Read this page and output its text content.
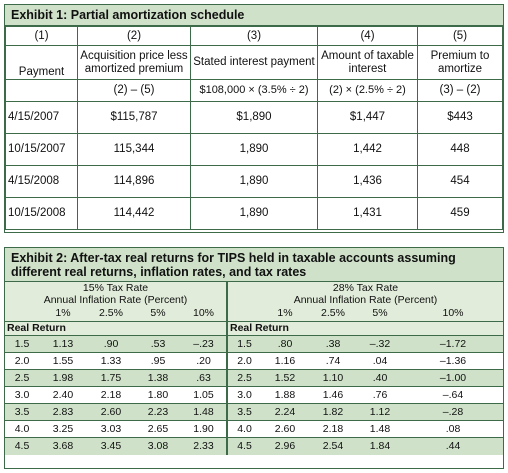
Exhibit 1: Partial amortization schedule
(1)	(2)	(3)	(4)	(5)
Payment	Acquisition price less amortized premium	Stated interest payment	Amount of taxable interest	Premium to amortize
	(2) – (5)	$108,000 × (3.5% ÷ 2)	(2) × (2.5% ÷ 2)	(3) – (2)
4/15/2007	$115,787	$1,890	$1,447	$443
10/15/2007	115,344	1,890	1,442	448
4/15/2008	114,896	1,890	1,436	454
10/15/2008	114,442	1,890	1,431	459
Exhibit 2: After-tax real returns for TIPS held in taxable accounts assuming different real returns, inflation rates, and tax rates
15% Tax Rate					28% Tax Rate				
Annual Inflation Rate (Percent)					Annual Inflation Rate (Percent)				
	1%	2.5%	5%	10%		1%	2.5%	5%	10%
Real Return					Real Return				
1.5	1.13	.90	.53	–.23	1.5	.80	.38	–.32	–1.72
2.0	1.55	1.33	.95	.20	2.0	1.16	.74	.04	–1.36
2.5	1.98	1.75	1.38	.63	2.5	1.52	1.10	.40	–1.00
3.0	2.40	2.18	1.80	1.05	3.0	1.88	1.46	.76	–.64
3.5	2.83	2.60	2.23	1.48	3.5	2.24	1.82	1.12	–.28
4.0	3.25	3.03	2.65	1.90	4.0	2.60	2.18	1.48	.08
4.5	3.68	3.45	3.08	2.33	4.5	2.96	2.54	1.84	.44
